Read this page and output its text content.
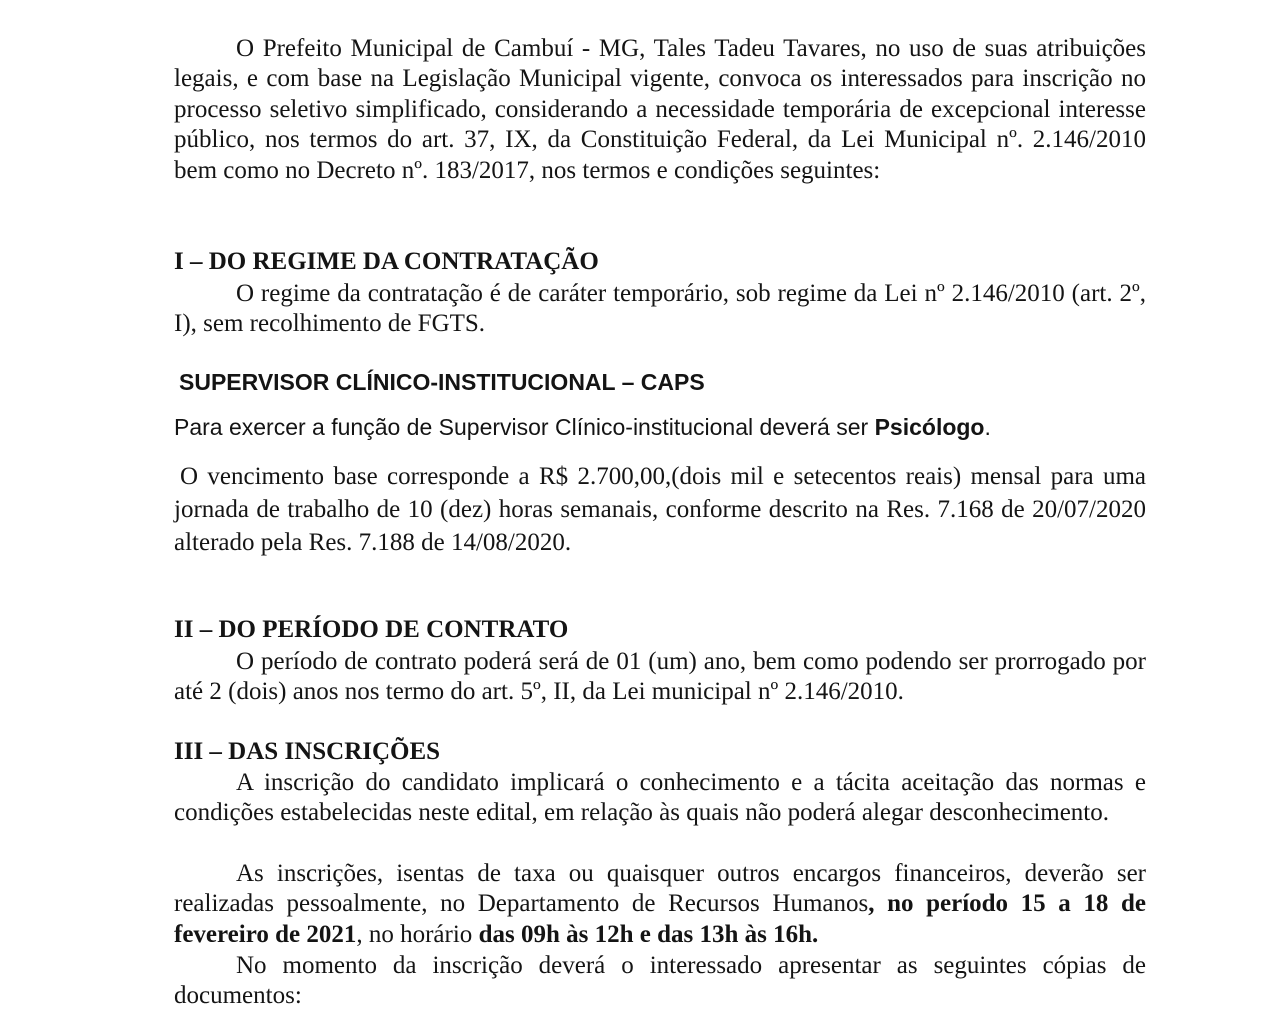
O Prefeito Municipal de Cambuí - MG, Tales Tadeu Tavares, no uso de suas atribuições legais, e com base na Legislação Municipal vigente, convoca os interessados para inscrição no processo seletivo simplificado, considerando a necessidade temporária de excepcional interesse público, nos termos do art. 37, IX, da Constituição Federal, da Lei Municipal nº. 2.146/2010 bem como no Decreto nº. 183/2017, nos termos e condições seguintes:

I – DO REGIME DA CONTRATAÇÃO

O regime da contratação é de caráter temporário, sob regime da Lei nº 2.146/2010 (art. 2º, I), sem recolhimento de FGTS.

SUPERVISOR CLÍNICO-INSTITUCIONAL – CAPS

Para exercer a função de Supervisor Clínico-institucional deverá ser Psicólogo.

O vencimento base corresponde a R$ 2.700,00,(dois mil e setecentos reais) mensal para uma jornada de trabalho de 10 (dez) horas semanais, conforme descrito na Res. 7.168 de 20/07/2020 alterado pela Res. 7.188 de 14/08/2020.

II – DO PERÍODO DE CONTRATO

O período de contrato poderá será de 01 (um) ano, bem como podendo ser prorrogado por até 2 (dois) anos nos termo do art. 5º, II, da Lei municipal nº 2.146/2010.

III – DAS INSCRIÇÕES

A inscrição do candidato implicará o conhecimento e a tácita aceitação das normas e condições estabelecidas neste edital, em relação às quais não poderá alegar desconhecimento.

As inscrições, isentas de taxa ou quaisquer outros encargos financeiros, deverão ser realizadas pessoalmente, no Departamento de Recursos Humanos, no período 15 a 18 de fevereiro de 2021, no horário das 09h às 12h e das 13h às 16h.

No momento da inscrição deverá o interessado apresentar as seguintes cópias de documentos:
